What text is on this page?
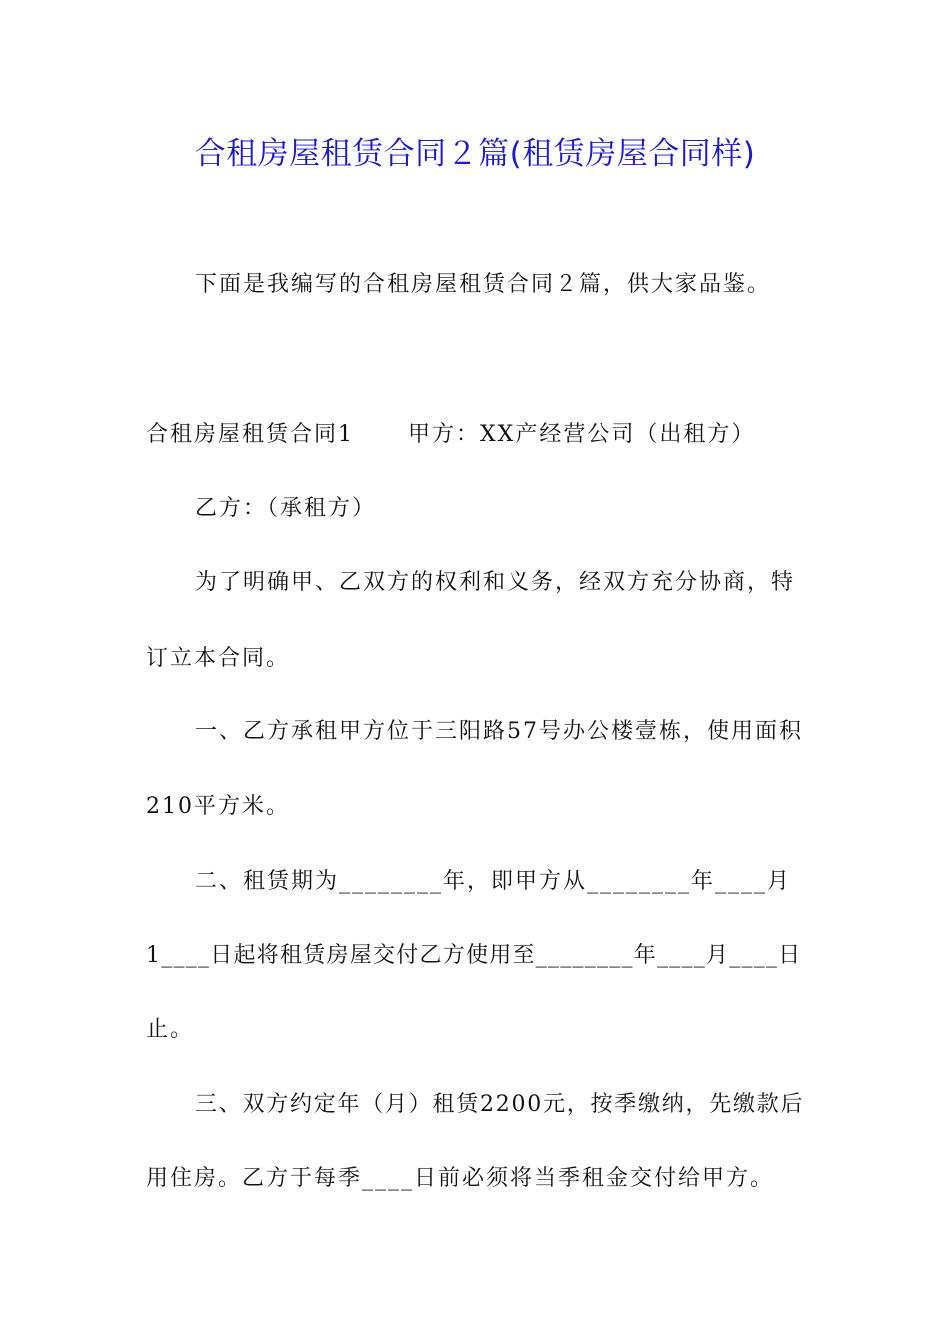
合租房屋租赁合同２篇(租赁房屋合同样)
下面是我编写的合租房屋租赁合同２篇，供大家品鉴。
合租房屋租赁合同1 甲方：XX产经营公司（出租方）
乙方：（承租方）
为了明确甲、乙双方的权利和义务，经双方充分协商，特
订立本合同。
一、乙方承租甲方位于三阳路57号办公楼壹栋，使用面积
210平方米。
二、租赁期为________年，即甲方从________年____月
1____日起将租赁房屋交付乙方使用至________年____月____日
止。
三、双方约定年（月）租赁2200元，按季缴纳，先缴款后
用住房。乙方于每季____日前必须将当季租金交付给甲方。
